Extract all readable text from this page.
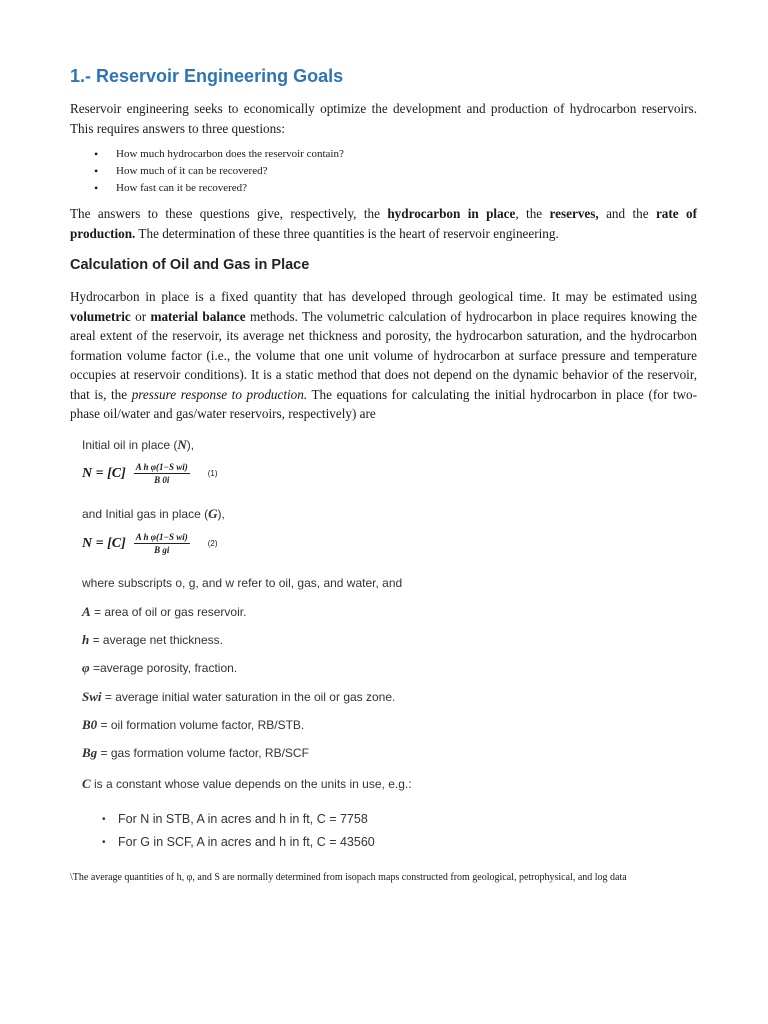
1.- Reservoir Engineering Goals

Reservoir engineering seeks to economically optimize the development and production of hydrocarbon reservoirs. This requires answers to three questions:

• How much hydrocarbon does the reservoir contain?
• How much of it can be recovered?
• How fast can it be recovered?

The answers to these questions give, respectively, the hydrocarbon in place, the reserves, and the rate of production. The determination of these three quantities is the heart of reservoir engineering.

Calculation of Oil and Gas in Place

Hydrocarbon in place is a fixed quantity that has developed through geological time. It may be estimated using volumetric or material balance methods. The volumetric calculation of hydrocarbon in place requires knowing the areal extent of the reservoir, its average net thickness and porosity, the hydrocarbon saturation, and the hydrocarbon formation volume factor (i.e., the volume that one unit volume of hydrocarbon at surface pressure and temperature occupies at reservoir conditions). It is a static method that does not depend on the dynamic behavior of the reservoir, that is, the pressure response to production. The equations for calculating the initial hydrocarbon in place (for two-phase oil/water and gas/water reservoirs, respectively) are

Initial oil in place (N),
$N = [C] \frac{\text{A h φ(1−S wi)}}{B 0i} (1)$
and Initial gas in place (G),
$N = [C] \frac{\text{A h φ(1−S wi)}}{\text{B gi}} (2)$
where subscripts o, g, and w refer to oil, gas, and water, and
A = area of oil or gas reservoir.
h = average net thickness.
φ =average porosity, fraction.
Swi = average initial water saturation in the oil or gas zone.
B0 = oil formation volume factor, RB/STB.
Bg = gas formation volume factor, RB/SCF
C is a constant whose value depends on the units in use, e.g.:
• For N in STB, A in acres and h in ft, C = 7758
• For G in SCF, A in acres and h in ft, C = 43560
\The average quantities of h, φ, and S are normally determined from isopach maps constructed from geological, petrophysical, and log data
